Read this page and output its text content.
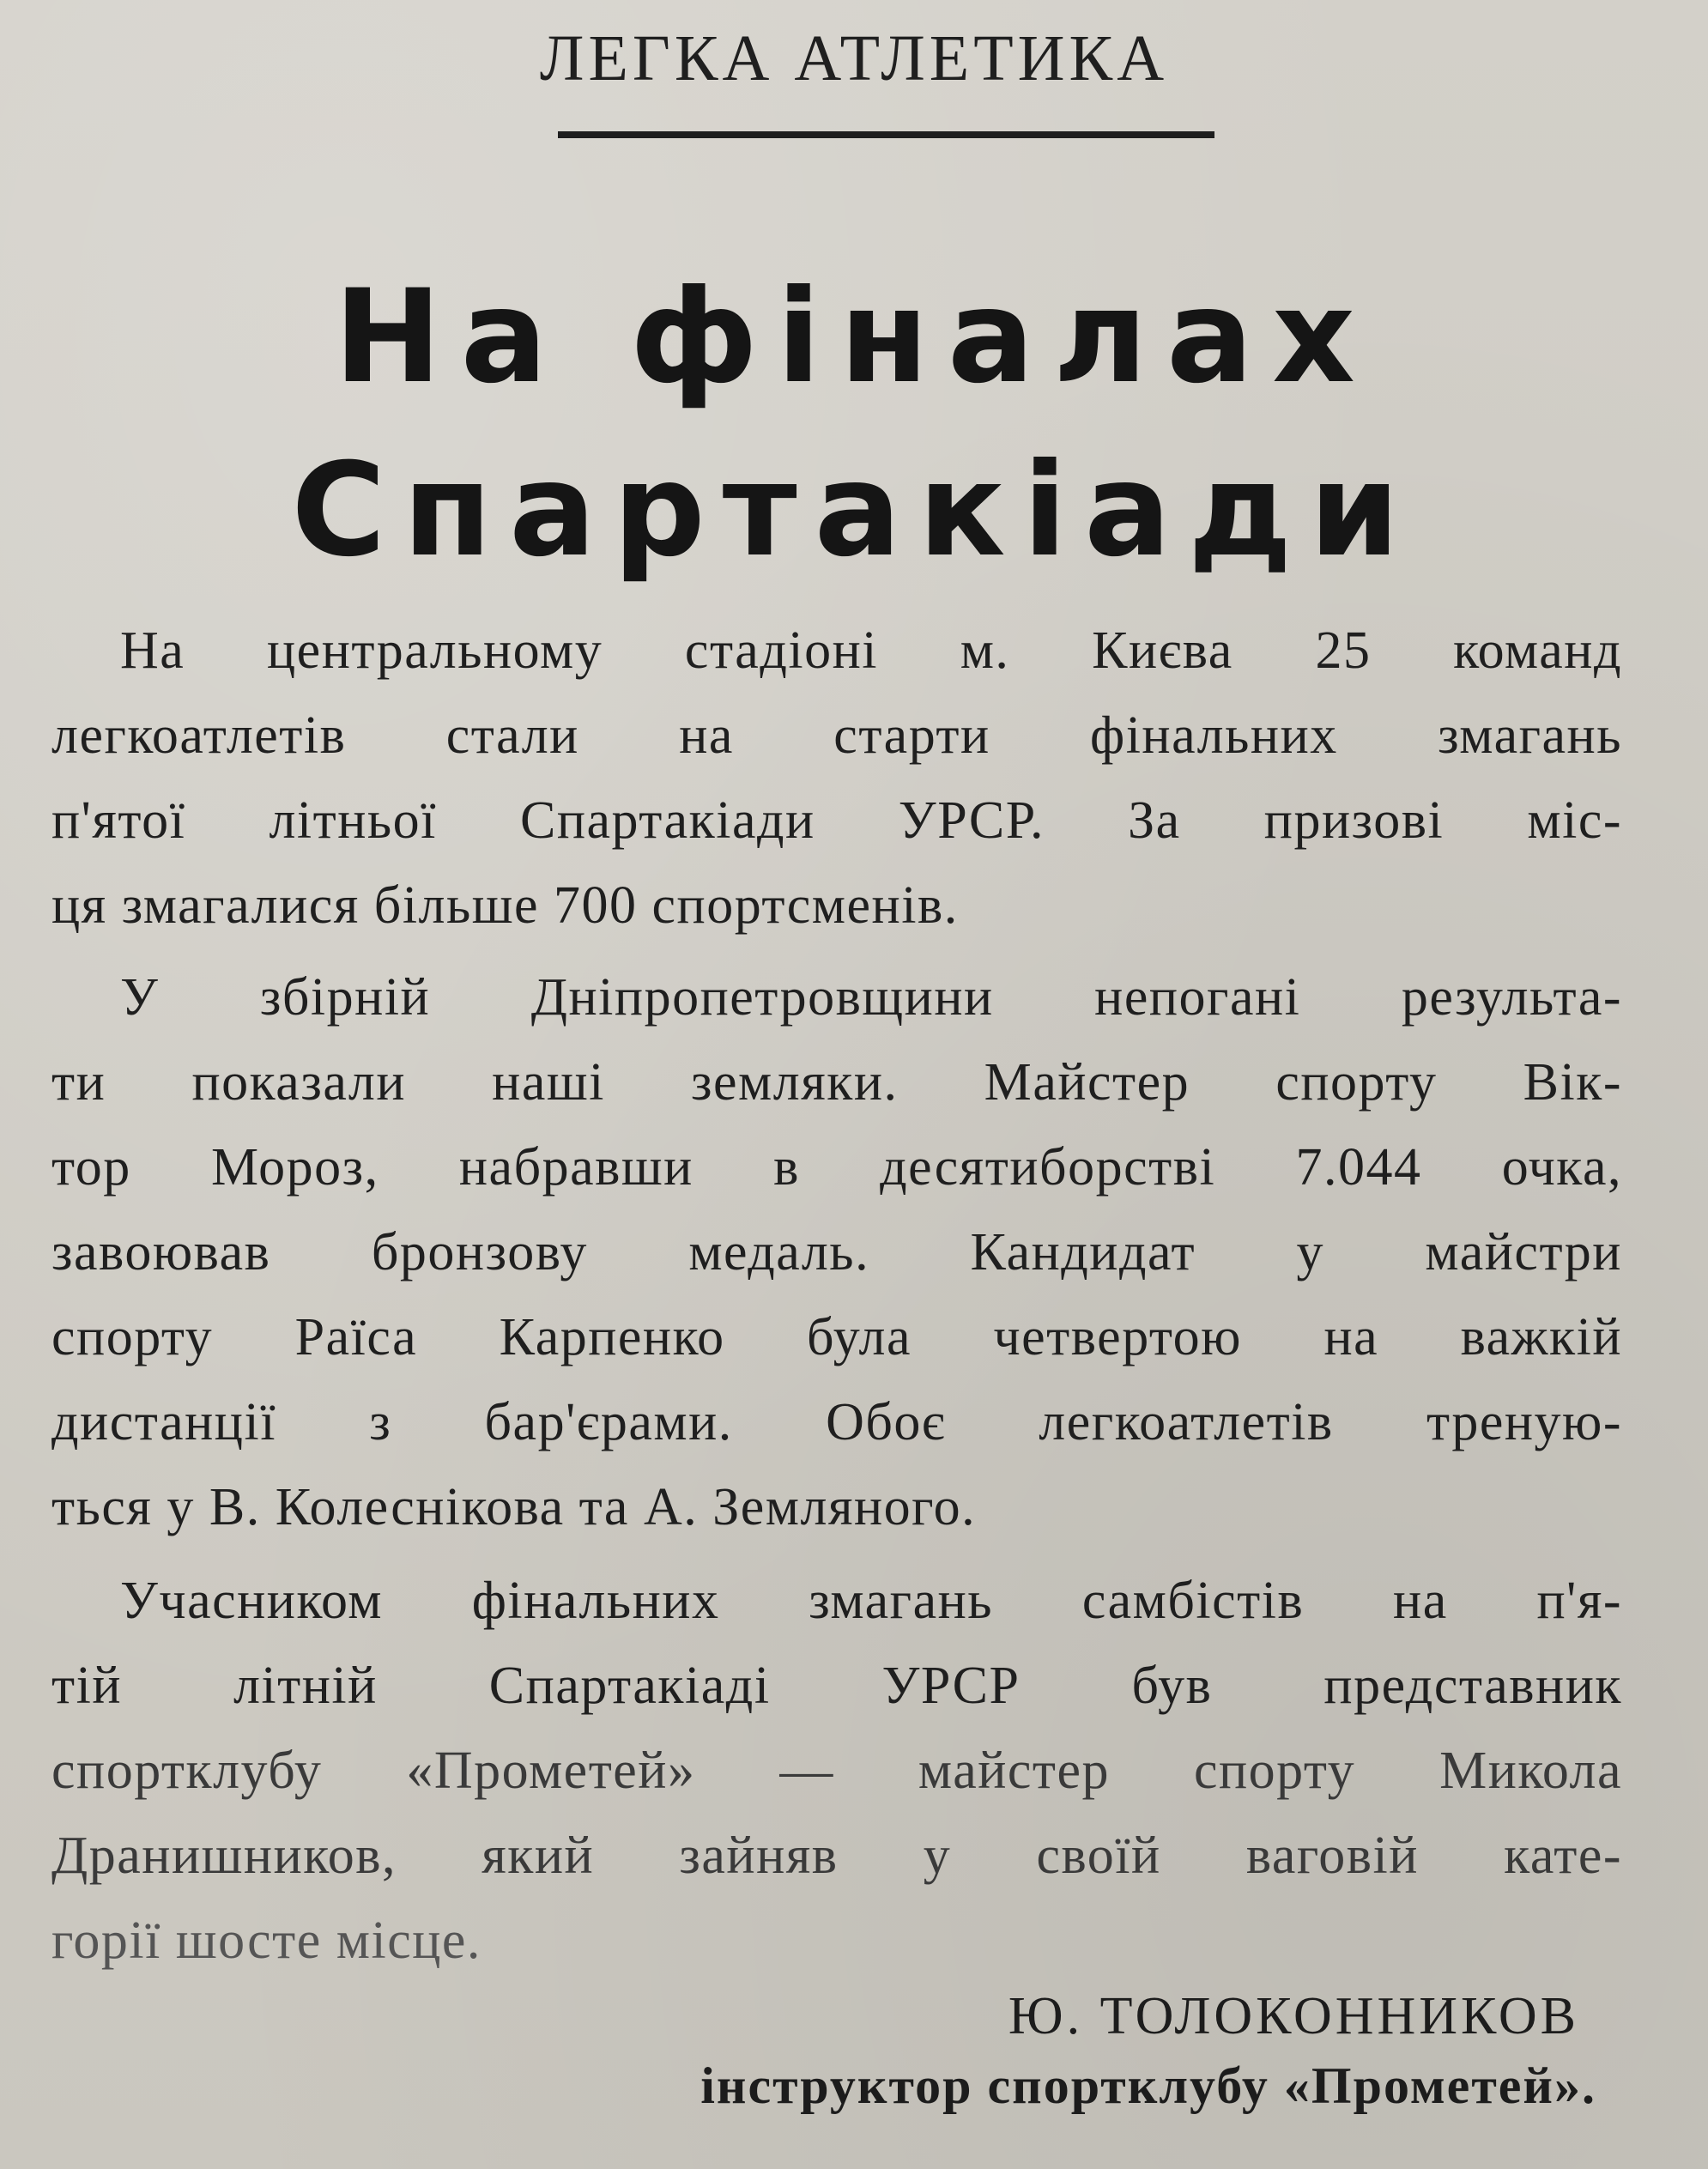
ЛЕГКА АТЛЕТИКА
На фіналах
Спартакіади
На центральному стадіоні м. Києва 25 команд
легкоатлетів стали на старти фінальних змагань
п'ятої літньої Спартакіади УРСР. За призові міс-
ця змагалися більше 700 спортсменів.
У збірній Дніпропетровщини непогані результа-
ти показали наші земляки. Майстер спорту Вік-
тор Мороз, набравши в десятиборстві 7.044 очка,
завоював бронзову медаль. Кандидат у майстри
спорту Раїса Карпенко була четвертою на важкій
дистанції з бар'єрами. Обоє легкоатлетів треную-
ться у В. Колеснікова та А. Земляного.
Учасником фінальних змагань самбістів на п'я-
тій літній Спартакіаді УРСР був представник
спортклубу «Прометей» — майстер спорту Микола
Дранишников, який зайняв у своїй ваговій кате-
горії шосте місце.
Ю. ТОЛОКОННИКОВ
інструктор спортклубу «Прометей».
